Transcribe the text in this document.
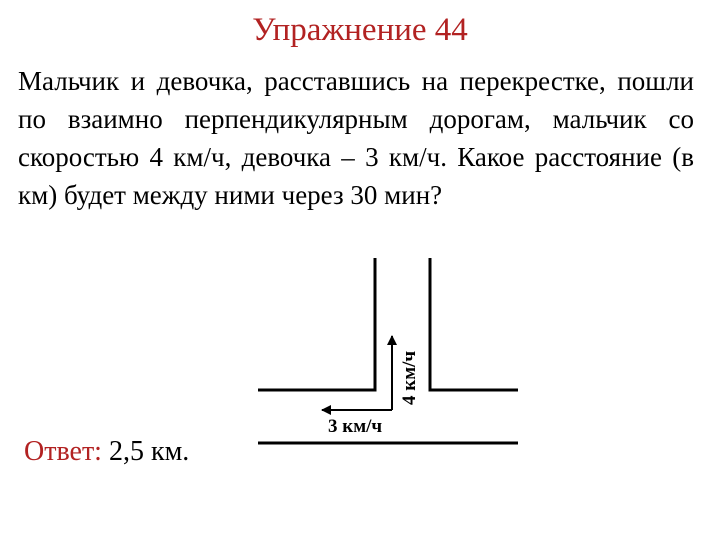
Упражнение 44

Мальчик и девочка, расставшись на перекрестке, пошли по взаимно перпендикулярным дорогам, мальчик со скоростью 4 км/ч, девочка – 3 км/ч. Какое расстояние (в км) будет между ними через 30 мин?

4 км/ч
3 км/ч
Ответ: 2,5 км.
